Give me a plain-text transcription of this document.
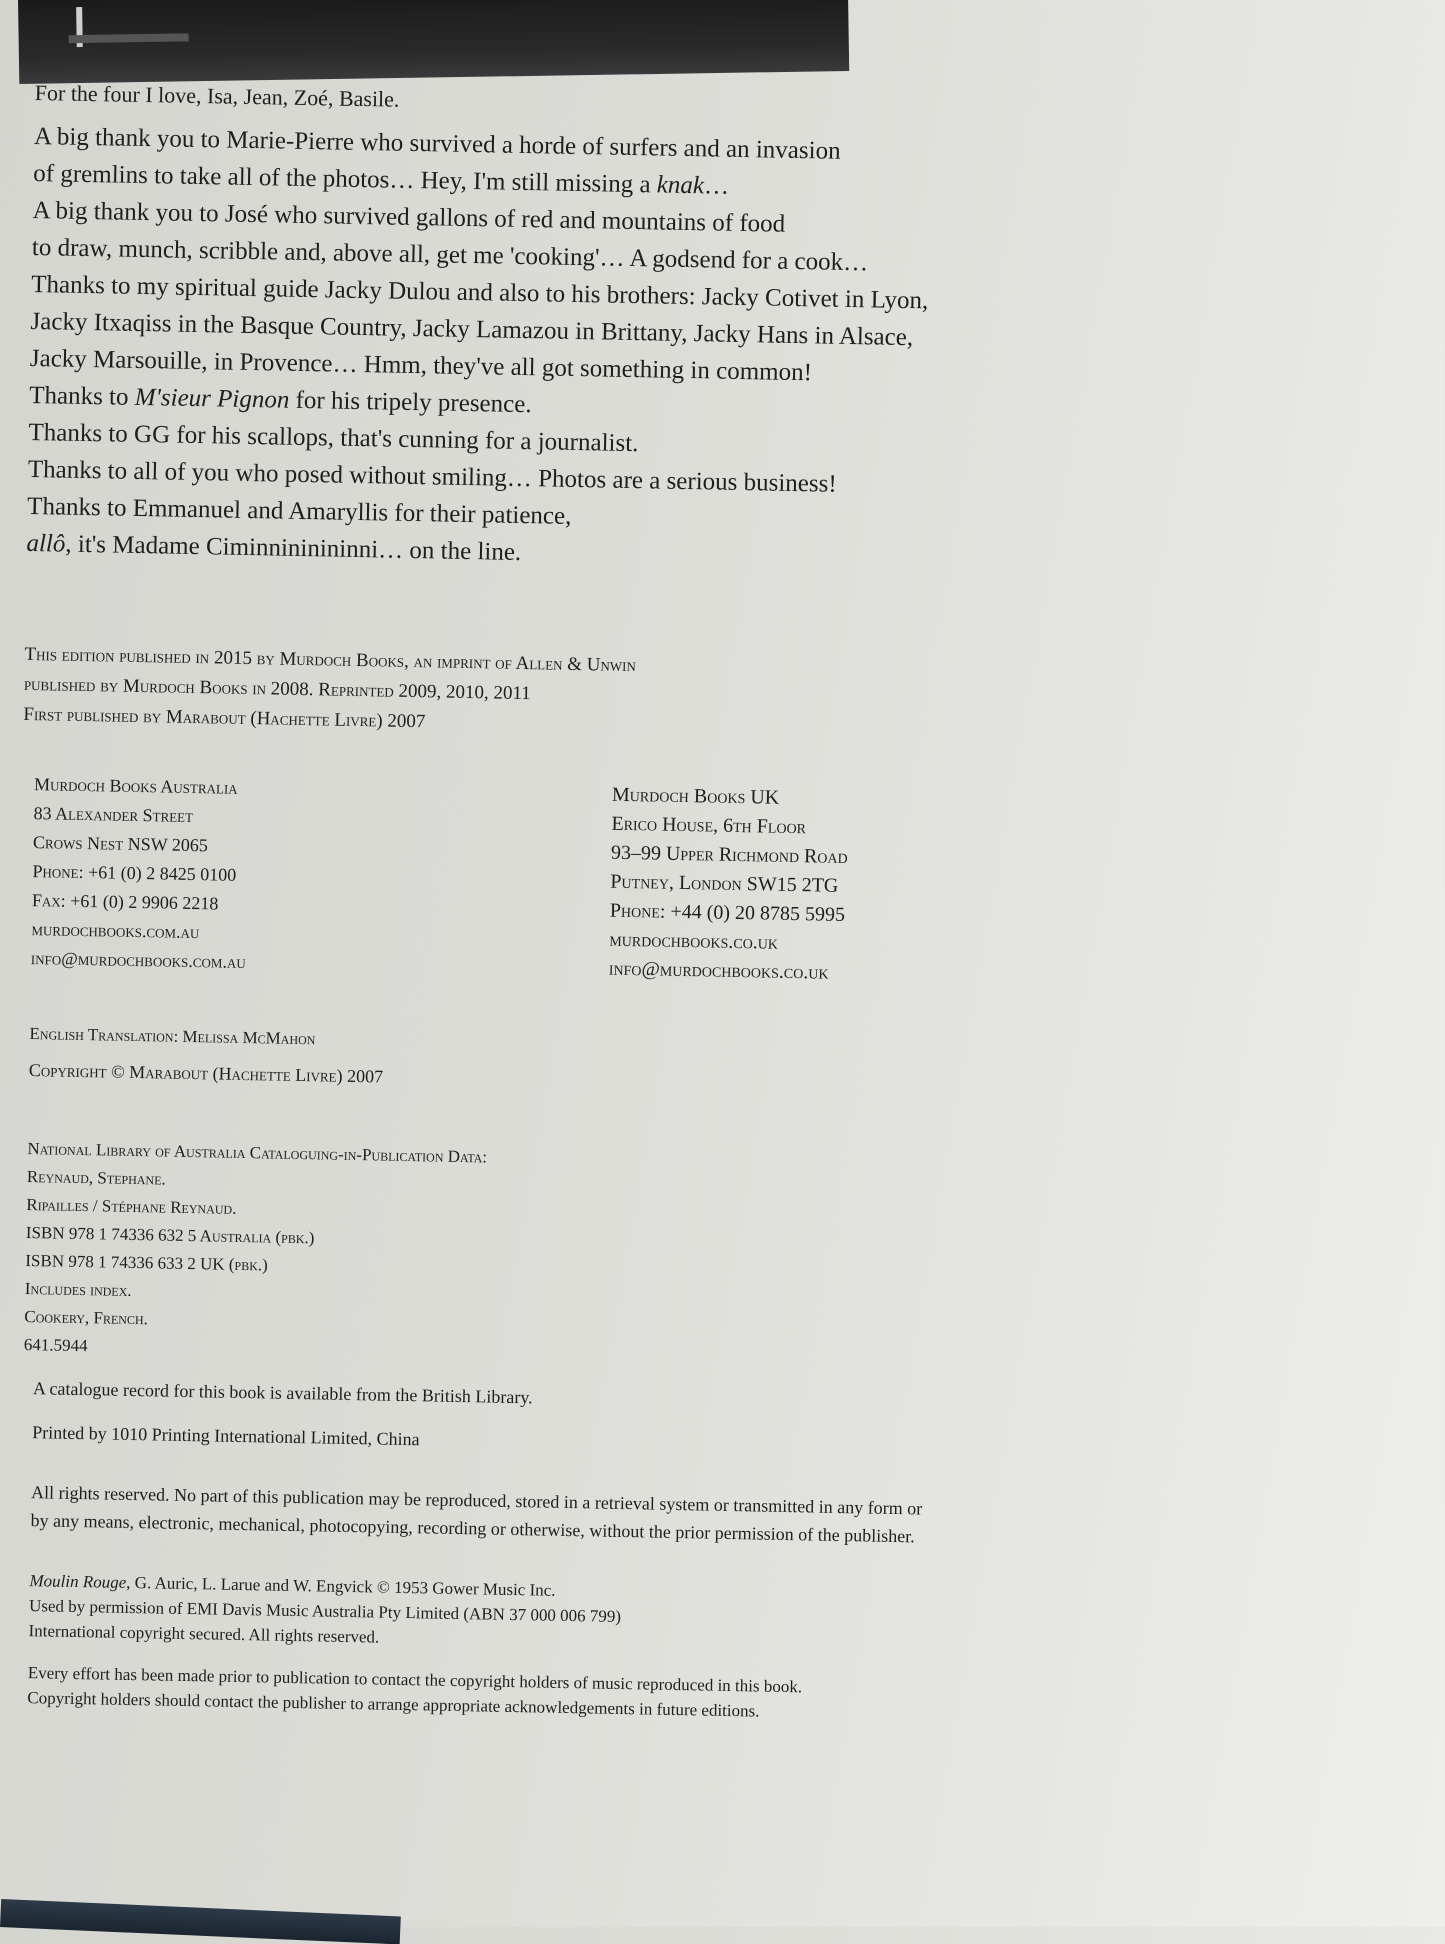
For the four I love, Isa, Jean, Zoé, Basile.
A big thank you to Marie-Pierre who survived a horde of surfers and an invasion
of gremlins to take all of the photos… Hey, I'm still missing a knak…
A big thank you to José who survived gallons of red and mountains of food
to draw, munch, scribble and, above all, get me 'cooking'… A godsend for a cook…
Thanks to my spiritual guide Jacky Dulou and also to his brothers: Jacky Cotivet in Lyon,
Jacky Itxaqiss in the Basque Country, Jacky Lamazou in Brittany, Jacky Hans in Alsace,
Jacky Marsouille, in Provence… Hmm, they've all got something in common!
Thanks to M'sieur Pignon for his tripely presence.
Thanks to GG for his scallops, that's cunning for a journalist.
Thanks to all of you who posed without smiling… Photos are a serious business!
Thanks to Emmanuel and Amaryllis for their patience,
allô, it's Madame Ciminnininininni… on the line.
This edition published in 2015 by Murdoch Books, an imprint of Allen & Unwin
published by Murdoch Books in 2008. Reprinted 2009, 2010, 2011
First published by Marabout (Hachette Livre) 2007
Murdoch Books Australia
83 Alexander Street
Crows Nest NSW 2065
Phone: +61 (0) 2 8425 0100
Fax: +61 (0) 2 9906 2218
murdochbooks.com.au
info@murdochbooks.com.au
Murdoch Books UK
Erico House, 6th Floor
93–99 Upper Richmond Road
Putney, London SW15 2TG
Phone: +44 (0) 20 8785 5995
murdochbooks.co.uk
info@murdochbooks.co.uk
English Translation: Melissa McMahon
Copyright © Marabout (Hachette Livre) 2007
National Library of Australia Cataloguing-in-Publication Data:
Reynaud, Stephane.
Ripailles / Stéphane Reynaud.
ISBN 978 1 74336 632 5 Australia (pbk.)
ISBN 978 1 74336 633 2 UK (pbk.)
Includes index.
Cookery, French.
641.5944
A catalogue record for this book is available from the British Library.
Printed by 1010 Printing International Limited, China
All rights reserved. No part of this publication may be reproduced, stored in a retrieval system or transmitted in any form or
by any means, electronic, mechanical, photocopying, recording or otherwise, without the prior permission of the publisher.
Moulin Rouge, G. Auric, L. Larue and W. Engvick © 1953 Gower Music Inc.
Used by permission of EMI Davis Music Australia Pty Limited (ABN 37 000 006 799)
International copyright secured. All rights reserved.
Every effort has been made prior to publication to contact the copyright holders of music reproduced in this book.
Copyright holders should contact the publisher to arrange appropriate acknowledgements in future editions.
